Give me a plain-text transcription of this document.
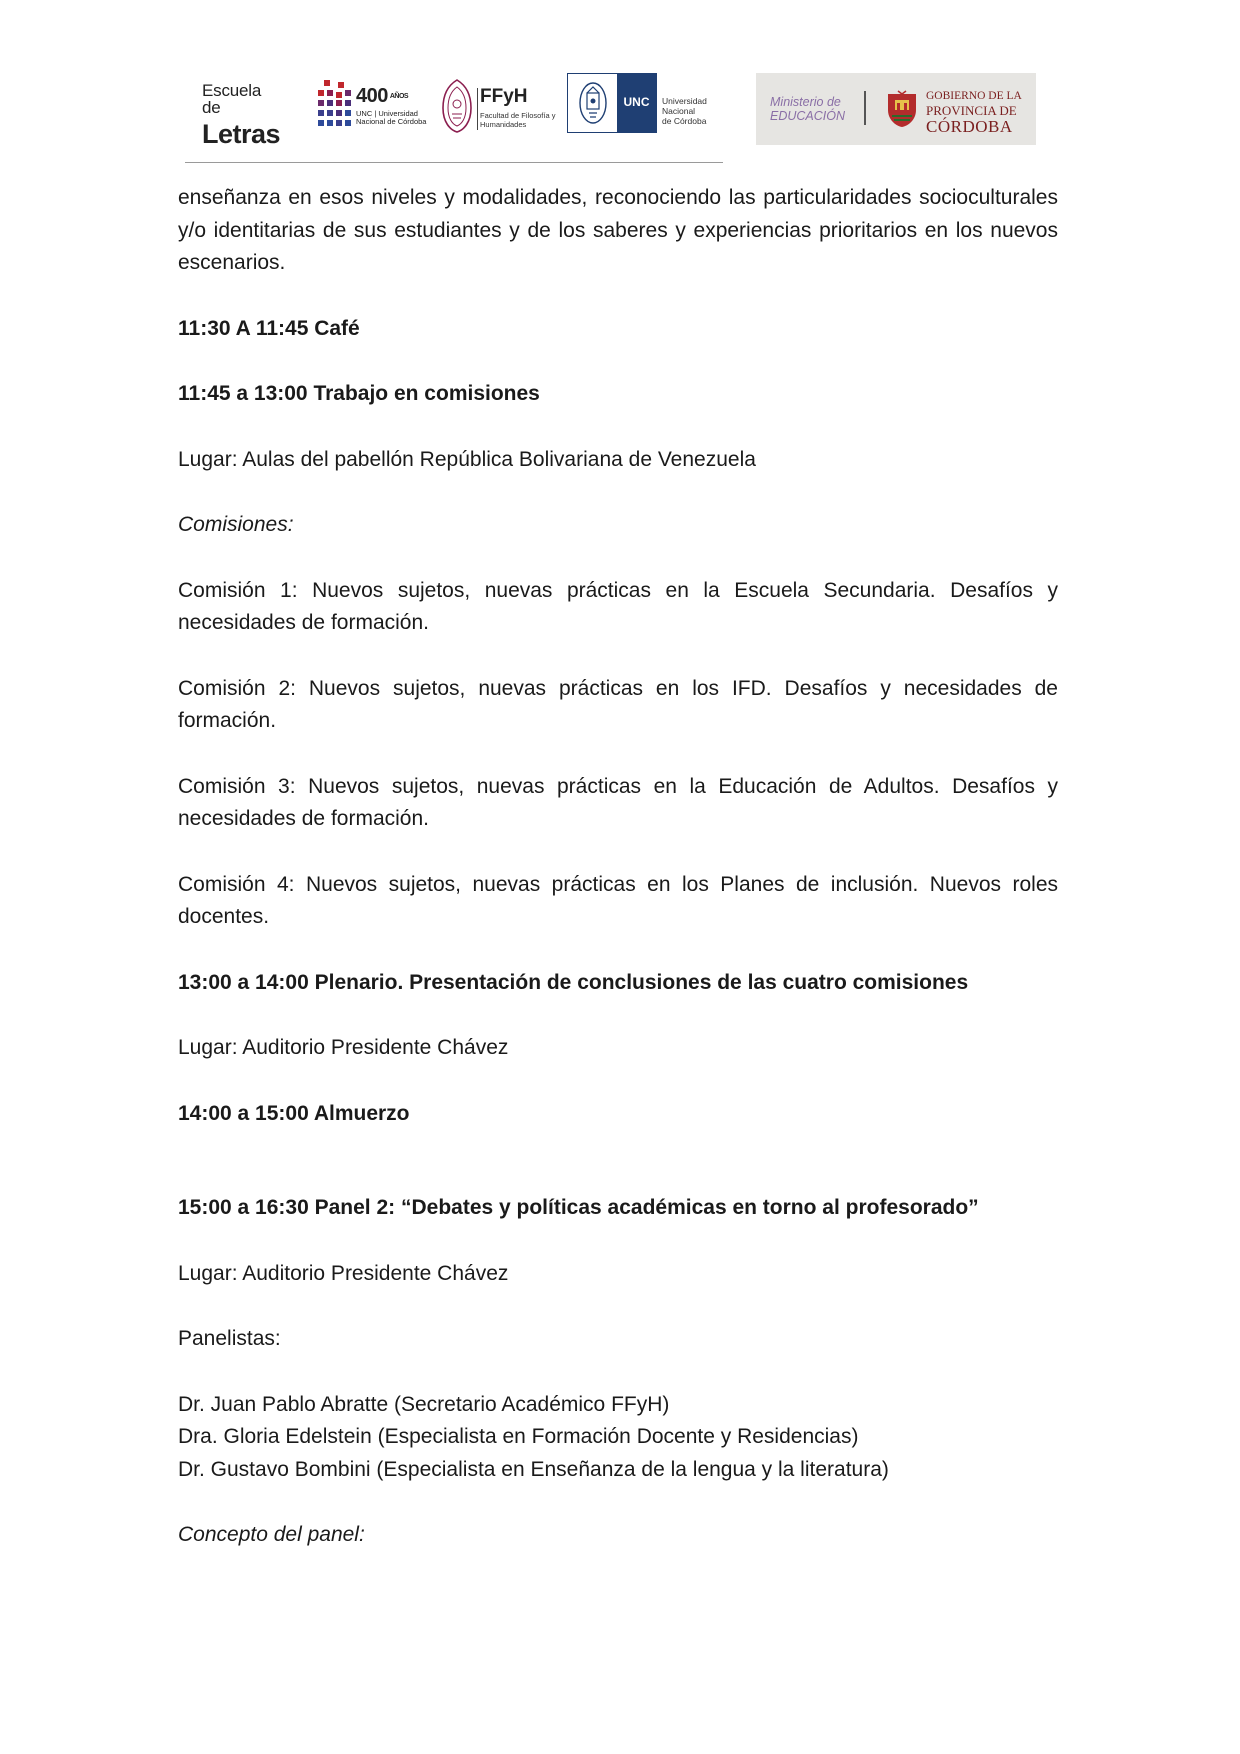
Escuela de
Letras
400 AÑOS
UNC | Universidad Nacional de Córdoba
FFyH
Facultad de Filosofía y Humanidades
UNC	Universidad
Nacional
de Córdoba
Ministerio de EDUCACIÓN
GOBIERNO DE LA
PROVINCIA DE
CÓRDOBA

enseñanza en esos niveles y modalidades, reconociendo las particularidades socioculturales y/o identitarias de sus estudiantes y de los saberes y experiencias prioritarios en los nuevos escenarios.

11:30 A 11:45 Café

11:45 a 13:00 Trabajo en comisiones

Lugar: Aulas del pabellón República Bolivariana de Venezuela

Comisiones:

Comisión 1: Nuevos sujetos, nuevas prácticas en la Escuela Secundaria. Desafíos y necesidades de formación.

Comisión 2: Nuevos sujetos, nuevas prácticas en los IFD. Desafíos y necesidades de formación.

Comisión 3: Nuevos sujetos, nuevas prácticas en la Educación de Adultos. Desafíos y necesidades de formación.

Comisión 4: Nuevos sujetos, nuevas prácticas en los Planes de inclusión. Nuevos roles docentes.

13:00 a 14:00 Plenario. Presentación de conclusiones de las cuatro comisiones

Lugar: Auditorio Presidente Chávez

14:00 a 15:00 Almuerzo

15:00 a 16:30 Panel 2: “Debates y políticas académicas en torno al profesorado”

Lugar: Auditorio Presidente Chávez

Panelistas:

Dr. Juan Pablo Abratte (Secretario Académico FFyH)

Dra. Gloria Edelstein (Especialista en Formación Docente y Residencias)

Dr. Gustavo Bombini (Especialista en Enseñanza de la lengua y la literatura)

Concepto del panel:
